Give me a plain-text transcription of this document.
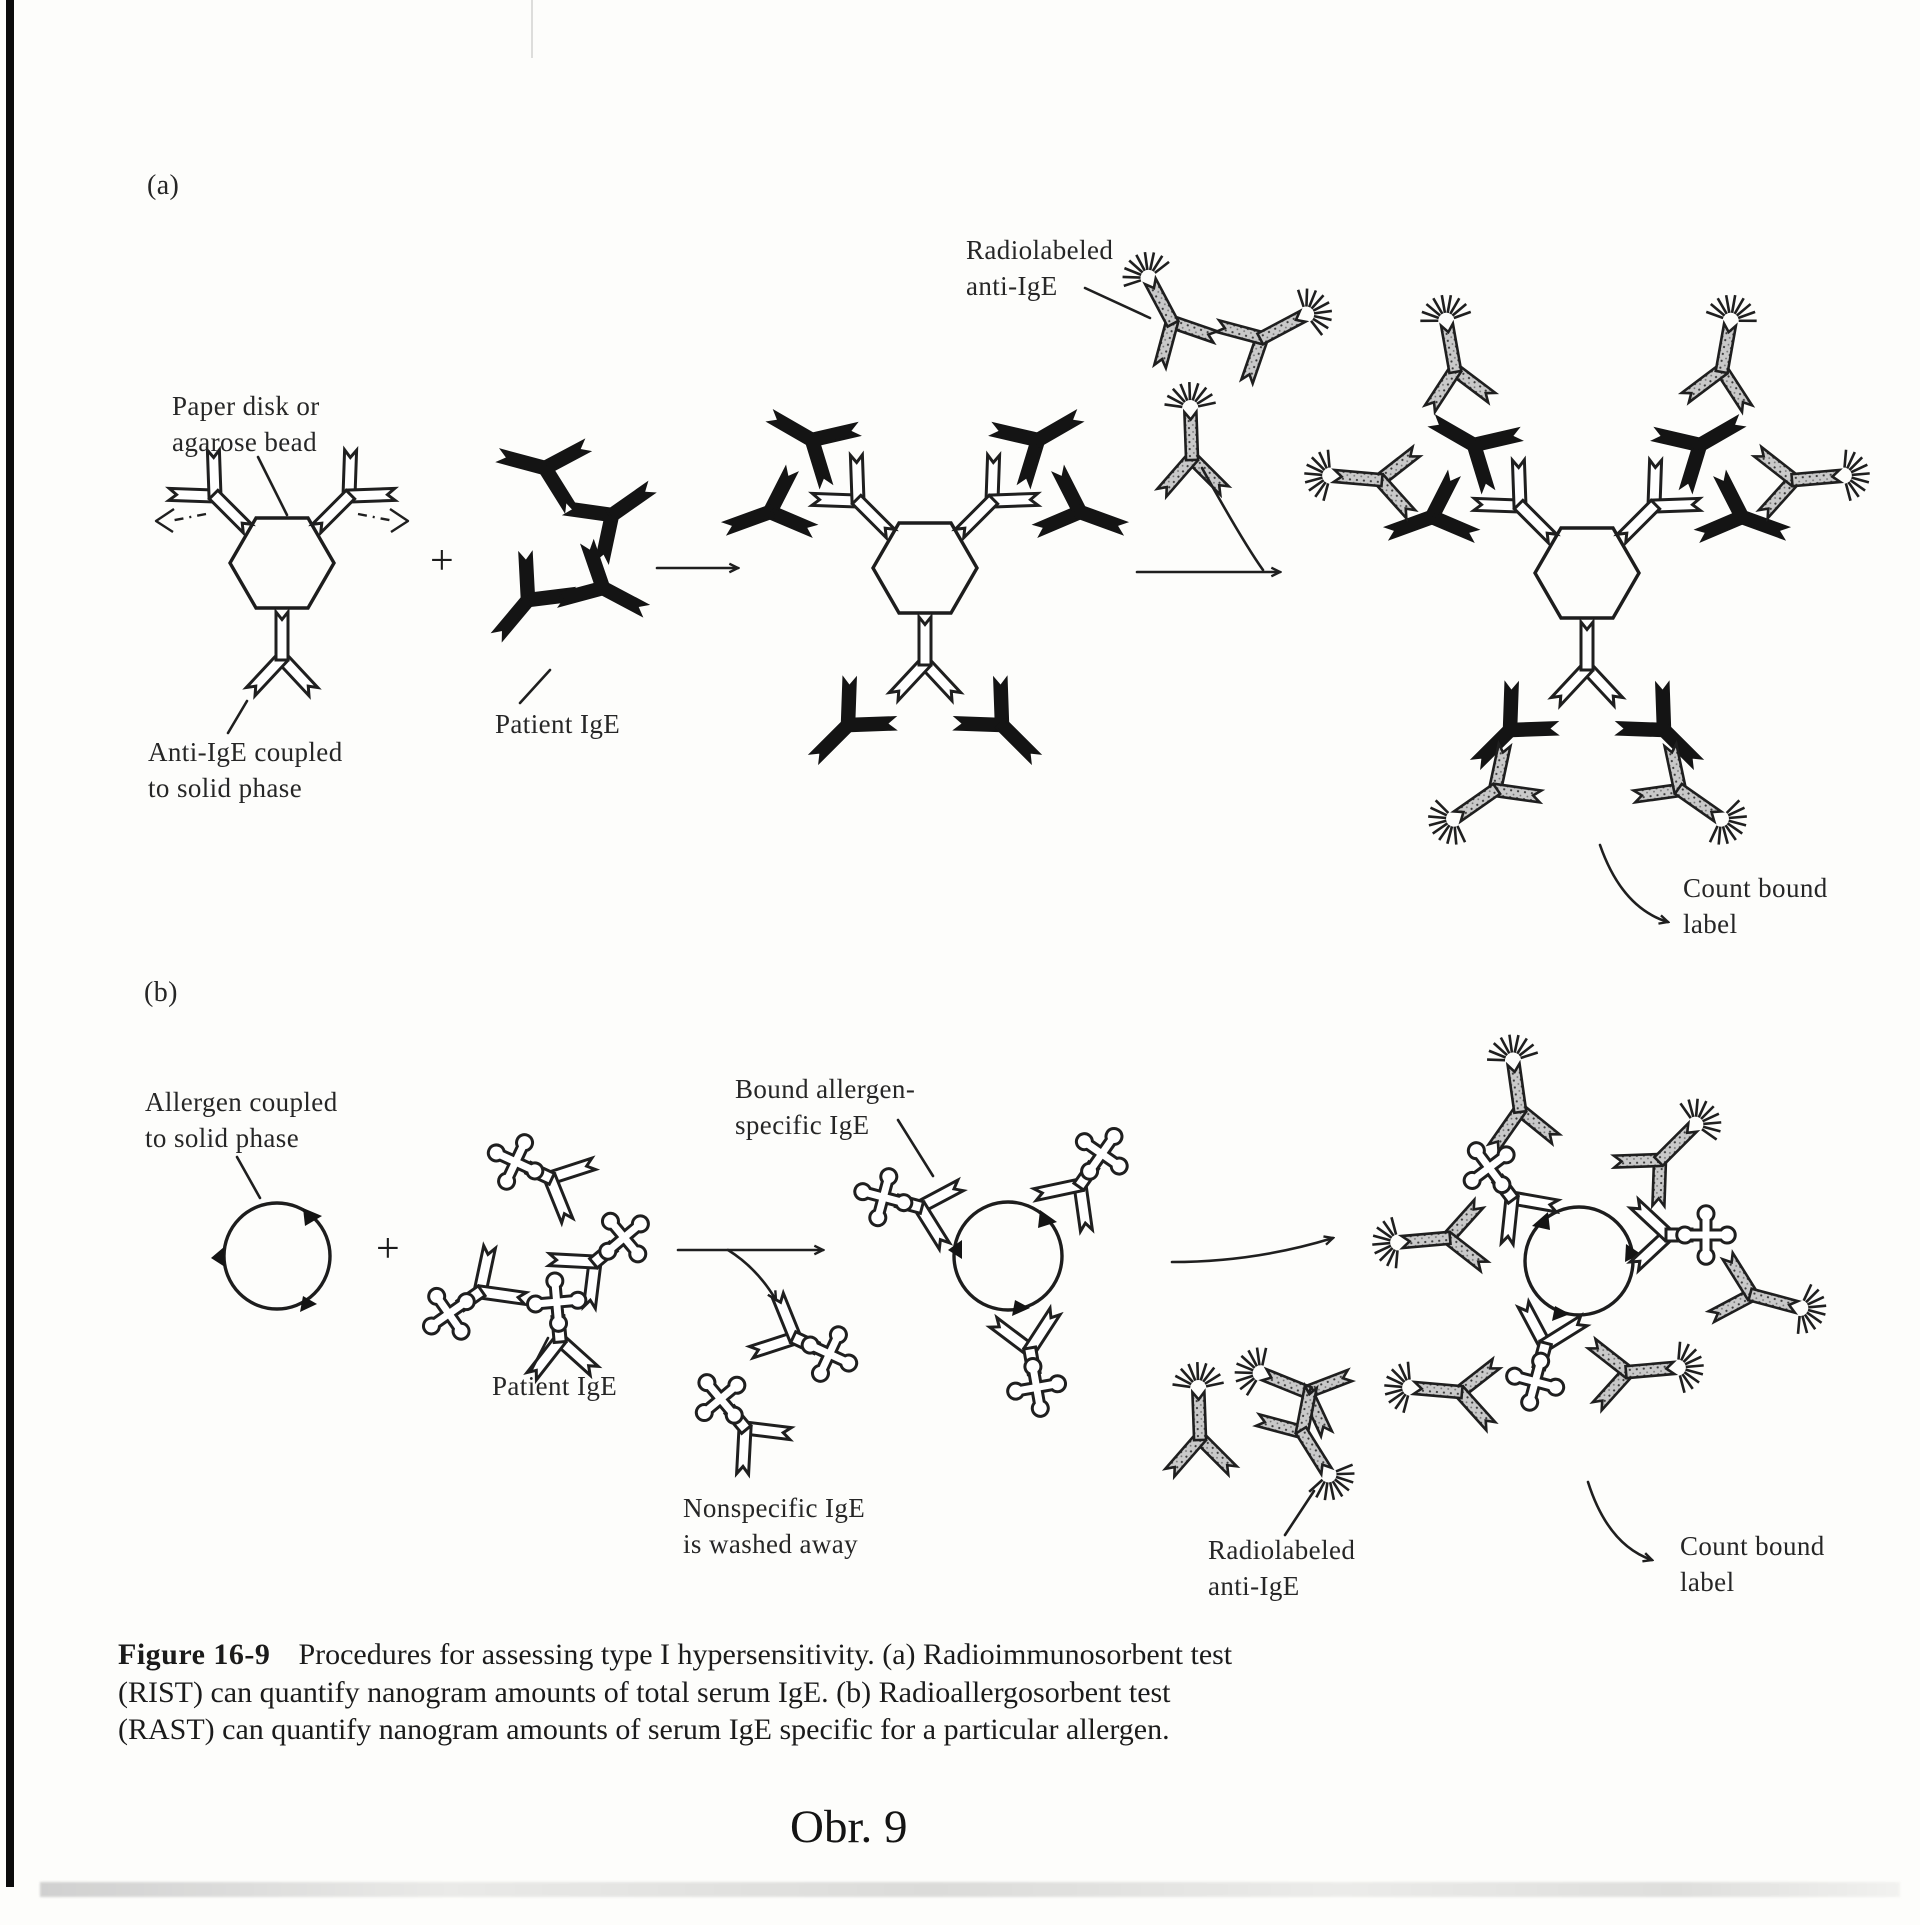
(a)
Paper disk or
agarose bead
Anti-IgE coupled
to solid phase
+
Patient IgE
Radiolabeled
anti-IgE
Count bound
label
(b)
Allergen coupled
to solid phase
+
Patient IgE
Bound allergen-
specific IgE
Nonspecific IgE
is washed away	Radiolabeled
anti-IgE
Count bound
label
Figure 16-9 Procedures for assessing type I hypersensitivity. (a) Radioimmunosorbent test
(RIST) can quantify nanogram amounts of total serum IgE. (b) Radioallergosorbent test
(RAST) can quantify nanogram amounts of serum IgE specific for a particular allergen.
Obr. 9
